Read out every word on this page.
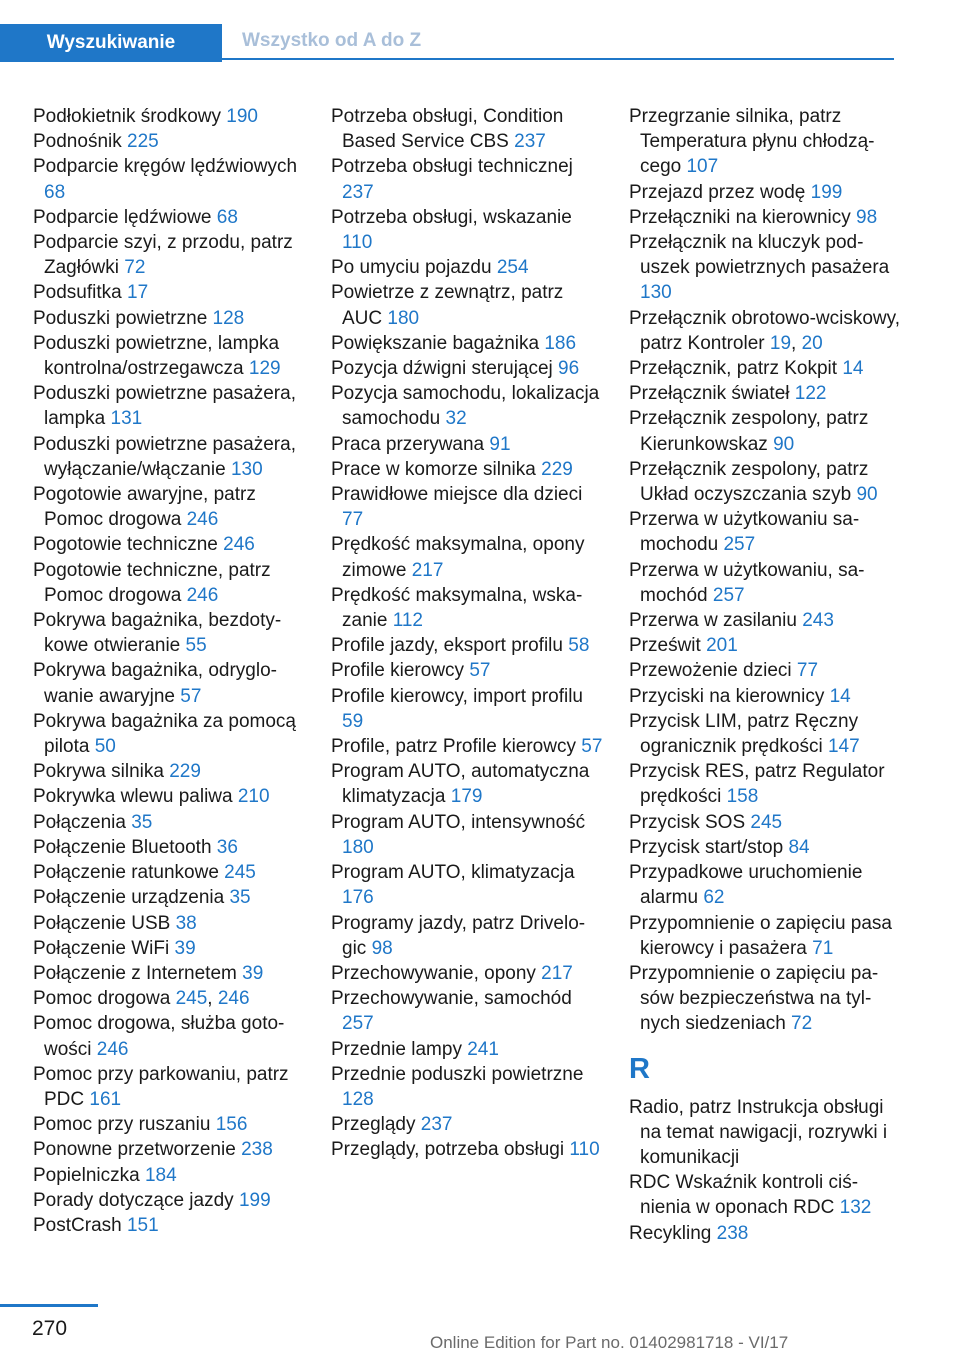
Wyszukiwanie	Wszystko od A do Z
Podłokietnik środkowy 190
Podnośnik 225
Podparcie kręgów lędźwiowych 68
Podparcie lędźwiowe 68
Podparcie szyi, z przodu, patrz Zagłówki 72
Podsufitka 17
Poduszki powietrzne 128
Poduszki powietrzne, lampka kontrolna/ostrzegawcza 129
Poduszki powietrzne pasażera, lampka 131
Poduszki powietrzne pasażera, wyłączanie/włączanie 130
Pogotowie awaryjne, patrz Pomoc drogowa 246
Pogotowie techniczne 246
Pogotowie techniczne, patrz Pomoc drogowa 246
Pokrywa bagażnika, bezdotykowe otwieranie 55
Pokrywa bagażnika, odryglowanie awaryjne 57
Pokrywa bagażnika za pomocą pilota 50
Pokrywa silnika 229
Pokrywka wlewu paliwa 210
Połączenia 35
Połączenie Bluetooth 36
Połączenie ratunkowe 245
Połączenie urządzenia 35
Połączenie USB 38
Połączenie WiFi 39
Połączenie z Internetem 39
Pomoc drogowa 245, 246
Pomoc drogowa, służba gotowości 246
Pomoc przy parkowaniu, patrz PDC 161
Pomoc przy ruszaniu 156
Ponowne przetworzenie 238
Popielniczka 184
Porady dotyczące jazdy 199
PostCrash 151
Potrzeba obsługi, Condition Based Service CBS 237
Potrzeba obsługi technicznej 237
Potrzeba obsługi, wskazanie 110
Po umyciu pojazdu 254
Powietrze z zewnątrz, patrz AUC 180
Powiększanie bagażnika 186
Pozycja dźwigni sterującej 96
Pozycja samochodu, lokalizacja samochodu 32
Praca przerywana 91
Prace w komorze silnika 229
Prawidłowe miejsce dla dzieci 77
Prędkość maksymalna, opony zimowe 217
Prędkość maksymalna, wskazanie 112
Profile jazdy, eksport profilu 58
Profile kierowcy 57
Profile kierowcy, import profilu 59
Profile, patrz Profile kierowcy 57
Program AUTO, automatyczna klimatyzacja 179
Program AUTO, intensywność 180
Program AUTO, klimatyzacja 176
Programy jazdy, patrz Drivelogic 98
Przechowywanie, opony 217
Przechowywanie, samochód 257
Przednie lampy 241
Przednie poduszki powietrzne 128
Przeglądy 237
Przeglądy, potrzeba obsługi 110
Przegrzanie silnika, patrz Temperatura płynu chłodzącego 107
Przejazd przez wodę 199
Przełączniki na kierownicy 98
Przełącznik na kluczyk poduszek powietrznych pasażera 130
Przełącznik obrotowo-wciskowy, patrz Kontroler 19, 20
Przełącznik, patrz Kokpit 14
Przełącznik świateł 122
Przełącznik zespolony, patrz Kierunkowskaz 90
Przełącznik zespolony, patrz Układ oczyszczania szyb 90
Przerwa w użytkowaniu samochodu 257
Przerwa w użytkowaniu, samochód 257
Przerwa w zasilaniu 243
Prześwit 201
Przewożenie dzieci 77
Przyciski na kierownicy 14
Przycisk LIM, patrz Ręczny ogranicznik prędkości 147
Przycisk RES, patrz Regulator prędkości 158
Przycisk SOS 245
Przycisk start/stop 84
Przypadkowe uruchomienie alarmu 62
Przypomnienie o zapięciu pasa kierowcy i pasażera 71
Przypomnienie o zapięciu pasów bezpieczeństwa na tylnych siedzeniach 72
R
Radio, patrz Instrukcja obsługi na temat nawigacji, rozrywki i komunikacji
RDC Wskaźnik kontroli ciśnienia w oponach RDC 132
Recykling 238
270
Online Edition for Part no. 01402981718 - VI/17
